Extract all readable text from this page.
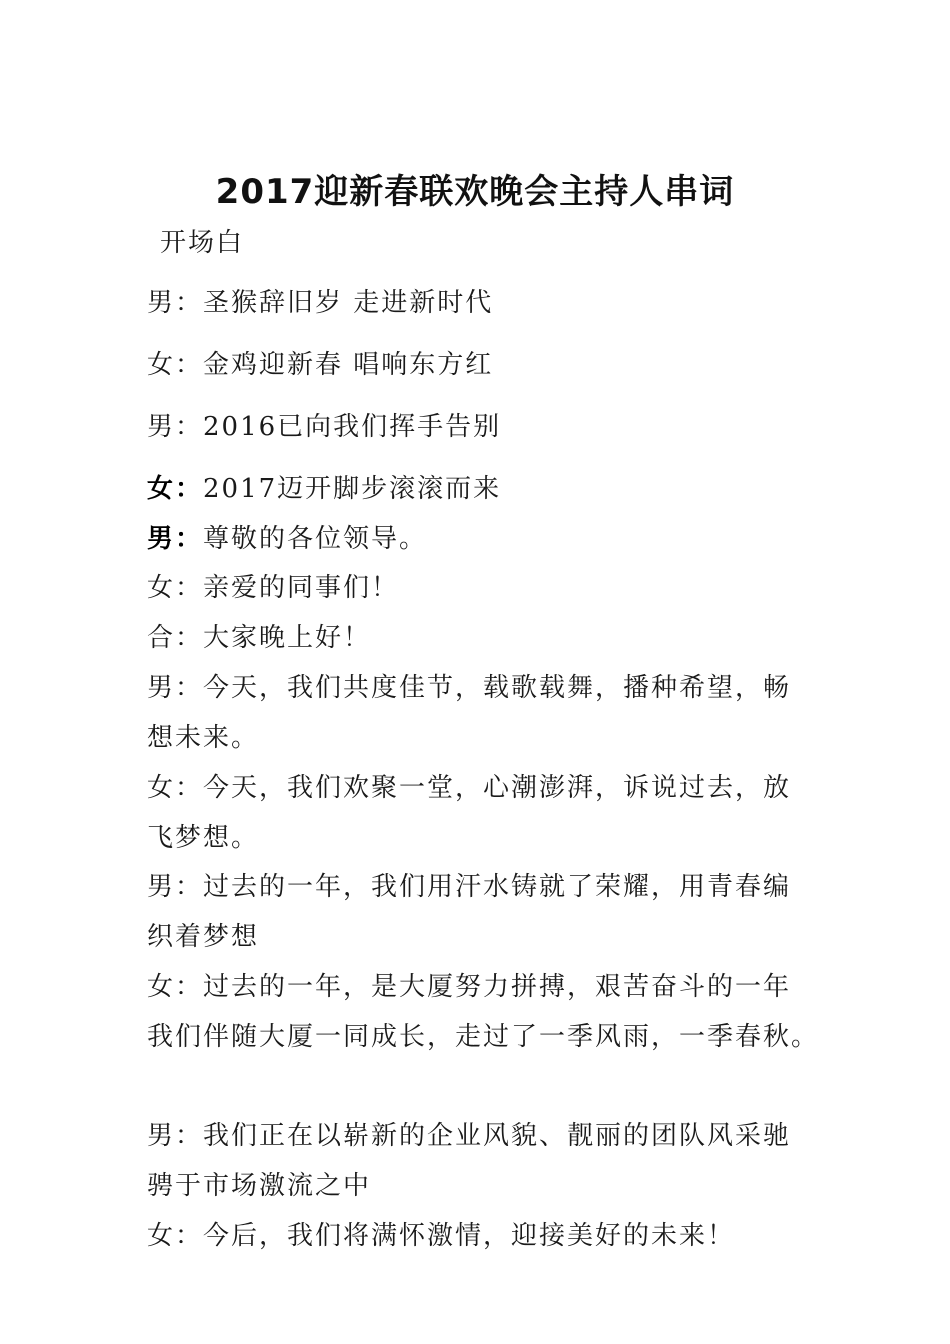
2017迎新春联欢晚会主持人串词
开场白
男：圣猴辞旧岁 走进新时代
女：金鸡迎新春 唱响东方红
男：2016已向我们挥手告别
女：2017迈开脚步滚滚而来
男：尊敬的各位领导。
女：亲爱的同事们！
合：大家晚上好！
男：今天，我们共度佳节，载歌载舞，播种希望，畅
想未来。
女：今天，我们欢聚一堂，心潮澎湃，诉说过去，放
飞梦想。
男：过去的一年，我们用汗水铸就了荣耀，用青春编
织着梦想
女：过去的一年，是大厦努力拼搏，艰苦奋斗的一年
我们伴随大厦一同成长，走过了一季风雨，一季春秋。
男：我们正在以崭新的企业风貌、靓丽的团队风采驰
骋于市场激流之中
女：今后，我们将满怀激情，迎接美好的未来！
